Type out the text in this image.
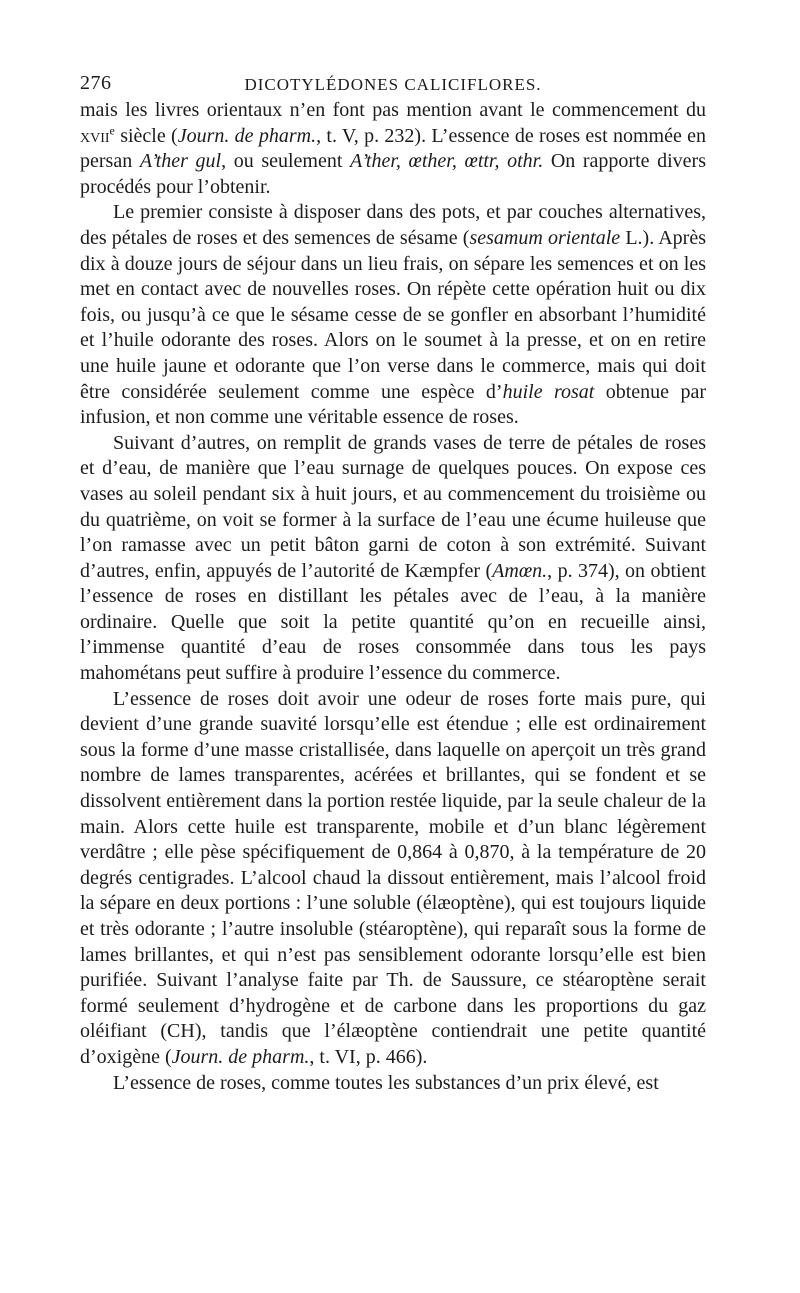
276	DICOTYLÉDONES CALICIFLORES.

mais les livres orientaux n’en font pas mention avant le commencement du xvii$^e$ siècle (Journ. de pharm., t. V, p. 232). L’essence de roses est nommée en persan A’ther gul, ou seulement A’ther, œther, œttr, othr. On rapporte divers procédés pour l’obtenir.

Le premier consiste à disposer dans des pots, et par couches alternatives, des pétales de roses et des semences de sésame (sesamum orientale L.). Après dix à douze jours de séjour dans un lieu frais, on sépare les semences et on les met en contact avec de nouvelles roses. On répète cette opération huit ou dix fois, ou jusqu’à ce que le sésame cesse de se gonfler en absorbant l’humidité et l’huile odorante des roses. Alors on le soumet à la presse, et on en retire une huile jaune et odorante que l’on verse dans le commerce, mais qui doit être considérée seulement comme une espèce d’huile rosat obtenue par infusion, et non comme une véritable essence de roses.

Suivant d’autres, on remplit de grands vases de terre de pétales de roses et d’eau, de manière que l’eau surnage de quelques pouces. On expose ces vases au soleil pendant six à huit jours, et au commencement du troisième ou du quatrième, on voit se former à la surface de l’eau une écume huileuse que l’on ramasse avec un petit bâton garni de coton à son extrémité. Suivant d’autres, enfin, appuyés de l’autorité de Kæmpfer (Amœn., p. 374), on obtient l’essence de roses en distillant les pétales avec de l’eau, à la manière ordinaire. Quelle que soit la petite quantité qu’on en recueille ainsi, l’immense quantité d’eau de roses consommée dans tous les pays mahométans peut suffire à produire l’essence du commerce.

L’essence de roses doit avoir une odeur de roses forte mais pure, qui devient d’une grande suavité lorsqu’elle est étendue ; elle est ordinairement sous la forme d’une masse cristallisée, dans laquelle on aperçoit un très grand nombre de lames transparentes, acérées et brillantes, qui se fondent et se dissolvent entièrement dans la portion restée liquide, par la seule chaleur de la main. Alors cette huile est transparente, mobile et d’un blanc légèrement verdâtre ; elle pèse spécifiquement de 0,864 à 0,870, à la température de 20 degrés centigrades. L’alcool chaud la dissout entièrement, mais l’alcool froid la sépare en deux portions : l’une soluble (élæoptène), qui est toujours liquide et très odorante ; l’autre insoluble (stéaroptène), qui reparaît sous la forme de lames brillantes, et qui n’est pas sensiblement odorante lorsqu’elle est bien purifiée. Suivant l’analyse faite par Th. de Saussure, ce stéaroptène serait formé seulement d’hydrogène et de carbone dans les proportions du gaz oléifiant (CH), tandis que l’élæoptène contiendrait une petite quantité d’oxigène (Journ. de pharm., t. VI, p. 466).

L’essence de roses, comme toutes les substances d’un prix élevé, est
